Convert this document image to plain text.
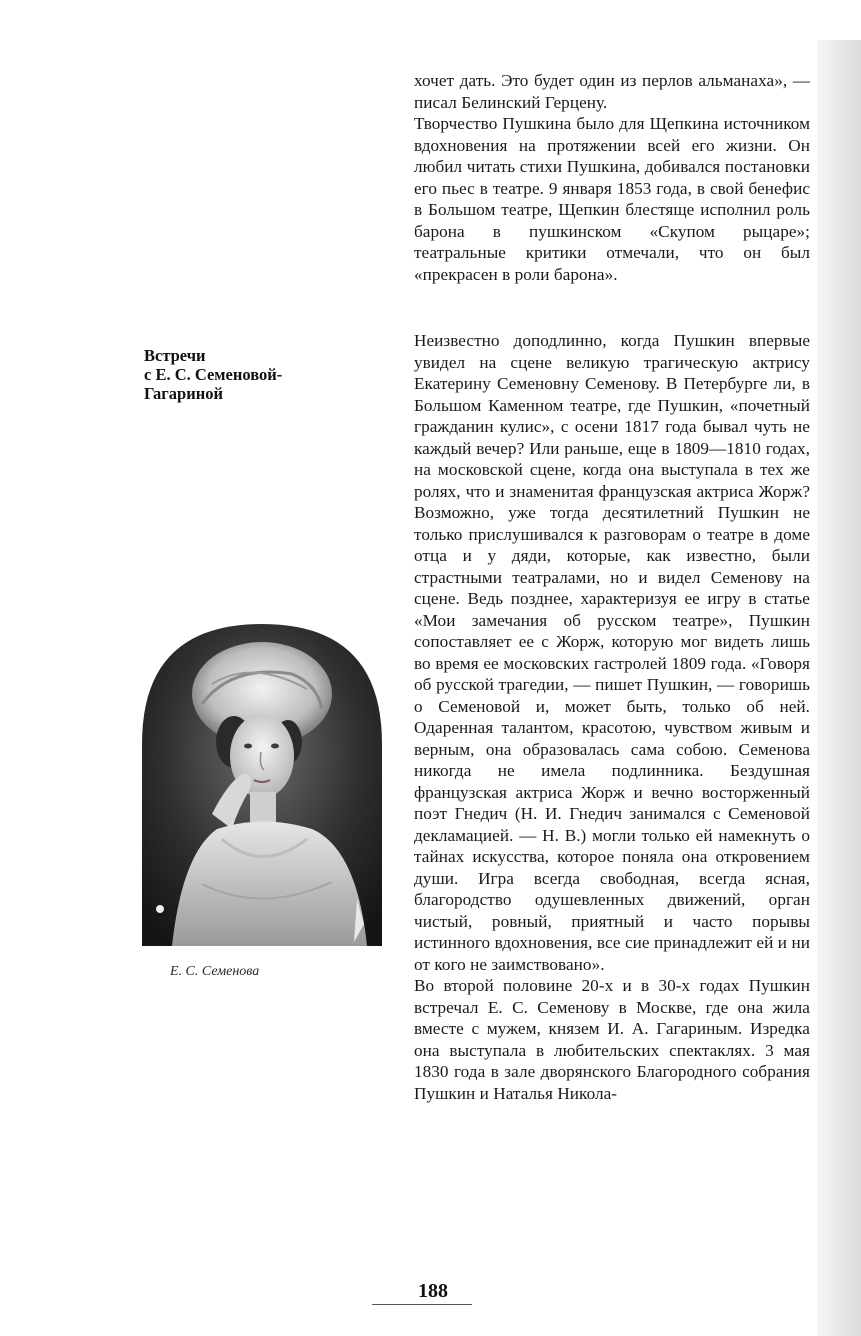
хочет дать. Это будет один из перлов альманаха», — писал Белинский Герцену.

Творчество Пушкина было для Щепкина источником вдохновения на протяжении всей его жизни. Он любил читать стихи Пушкина, добивался постановки его пьес в театре. 9 января 1853 года, в свой бенефис в Большом театре, Щепкин блестяще исполнил роль барона в пушкинском «Скупом рыцаре»; театральные критики отмечали, что он был «прекрасен в роли барона».

Неизвестно доподлинно, когда Пушкин впервые увидел на сцене великую трагическую актрису Екатерину Семеновну Семенову. В Петербурге ли, в Большом Каменном театре, где Пушкин, «почетный гражданин кулис», с осени 1817 года бывал чуть не каждый вечер? Или раньше, еще в 1809—1810 годах, на московской сцене, когда она выступала в тех же ролях, что и знаменитая французская актриса Жорж? Возможно, уже тогда десятилетний Пушкин не только прислушивался к разговорам о театре в доме отца и у дяди, которые, как известно, были страстными театралами, но и видел Семенову на сцене. Ведь позднее, характеризуя ее игру в статье «Мои замечания об русском театре», Пушкин сопоставляет ее с Жорж, которую мог видеть лишь во время ее московских гастролей 1809 года. «Говоря об русской трагедии, — пишет Пушкин, — говоришь о Семеновой и, может быть, только об ней. Одаренная талантом, красотою, чувством живым и верным, она образовалась сама собою. Семенова никогда не имела подлинника. Бездушная французская актриса Жорж и вечно восторженный поэт Гнедич (Н. И. Гнедич занимался с Семеновой декламацией. — Н. В.) могли только ей намекнуть о тайнах искусства, которое поняла она откровением души. Игра всегда свободная, всегда ясная, благородство одушевленных движений, орган чистый, ровный, приятный и часто порывы истинного вдохновения, все сие принадлежит ей и ни от кого не заимствовано».

Во второй половине 20-х и в 30-х годах Пушкин встречал Е. С. Семенову в Москве, где она жила вместе с мужем, князем И. А. Гагариным. Изредка она выступала в любительских спектаклях. 3 мая 1830 года в зале дворянского Благородного собрания Пушкин и Наталья Никола-

Встречи
с Е. С. Семеновой-
Гагариной
Е. С. Семенова
188
